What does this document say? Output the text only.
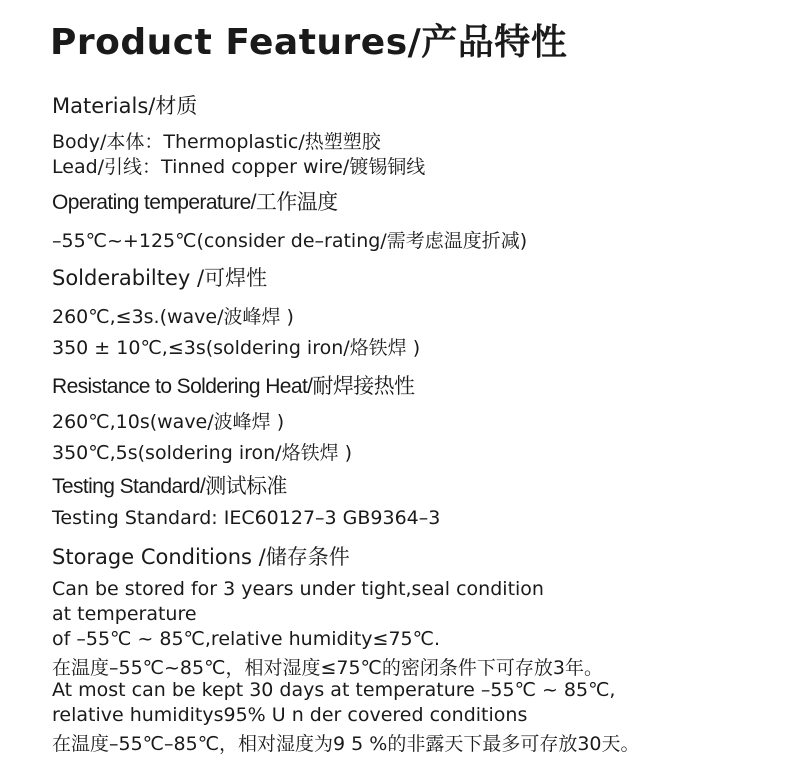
Product Features/产品特性
Materials/材质
Body/本体：Thermoplastic/热塑塑胶
Lead/引线：Tinned copper wire/镀锡铜线
Operating temperature/工作温度
–55℃~+125℃(consider de–rating/需考虑温度折减)
Solderabiltey /可焊性
260℃,≤3s.(wave/波峰焊 )
350 ± 10℃,≤3s(soldering iron/烙铁焊 )
Resistance to Soldering Heat/耐焊接热性
260℃,10s(wave/波峰焊 )
350℃,5s(soldering iron/烙铁焊 )
Testing Standard/测试标准
Testing Standard: IEC60127–3 GB9364–3
Storage Conditions /储存条件
Can be stored for 3 years under tight,seal condition
at temperature
of –55℃ ~ 85℃,relative humidity≤75℃.
在温度–55℃~85℃，相对湿度≤75℃的密闭条件下可存放3年。
At most can be kept 30 days at temperature –55℃ ~ 85℃,
relative humiditys95% U n der covered conditions
在温度–55℃–85℃，相对湿度为9 5 %的非露天下最多可存放30天。
